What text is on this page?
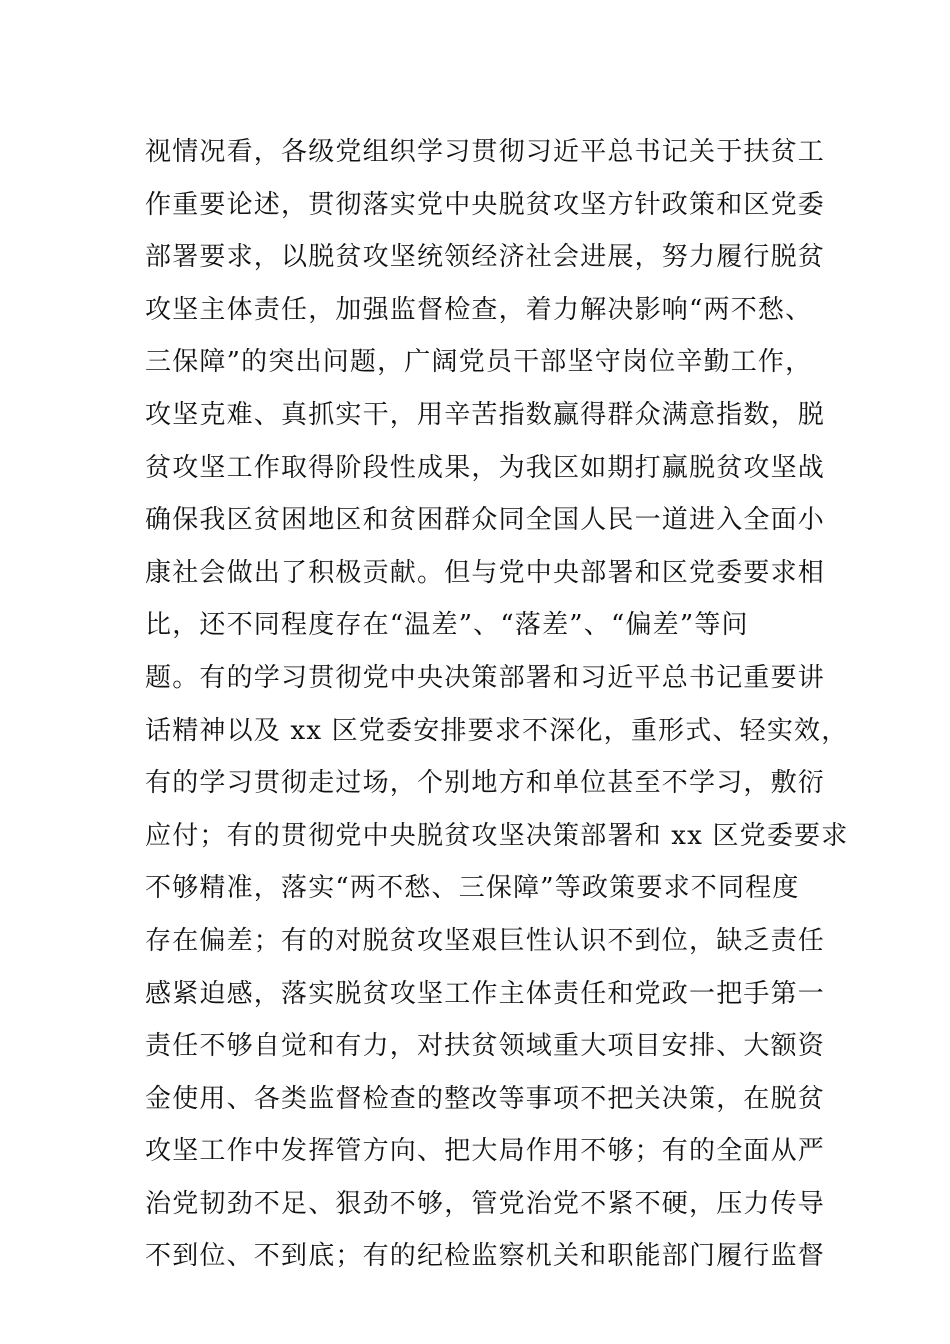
视情况看，各级党组织学习贯彻习近平总书记关于扶贫工
作重要论述，贯彻落实党中央脱贫攻坚方针政策和区党委
部署要求，以脱贫攻坚统领经济社会进展，努力履行脱贫
攻坚主体责任，加强监督检查，着力解决影响“两不愁、
三保障”的突出问题，广阔党员干部坚守岗位辛勤工作，
攻坚克难、真抓实干，用辛苦指数赢得群众满意指数，脱
贫攻坚工作取得阶段性成果，为我区如期打赢脱贫攻坚战
确保我区贫困地区和贫困群众同全国人民一道进入全面小
康社会做出了积极贡献。但与党中央部署和区党委要求相
比，还不同程度存在“温差”、“落差”、“偏差”等问
题。有的学习贯彻党中央决策部署和习近平总书记重要讲
话精神以及 xx 区党委安排要求不深化，重形式、轻实效，
有的学习贯彻走过场，个别地方和单位甚至不学习，敷衍
应付；有的贯彻党中央脱贫攻坚决策部署和 xx 区党委要求
不够精准，落实“两不愁、三保障”等政策要求不同程度
存在偏差；有的对脱贫攻坚艰巨性认识不到位，缺乏责任
感紧迫感，落实脱贫攻坚工作主体责任和党政一把手第一
责任不够自觉和有力，对扶贫领域重大项目安排、大额资
金使用、各类监督检查的整改等事项不把关决策，在脱贫
攻坚工作中发挥管方向、把大局作用不够；有的全面从严
治党韧劲不足、狠劲不够，管党治党不紧不硬，压力传导
不到位、不到底；有的纪检监察机关和职能部门履行监督
